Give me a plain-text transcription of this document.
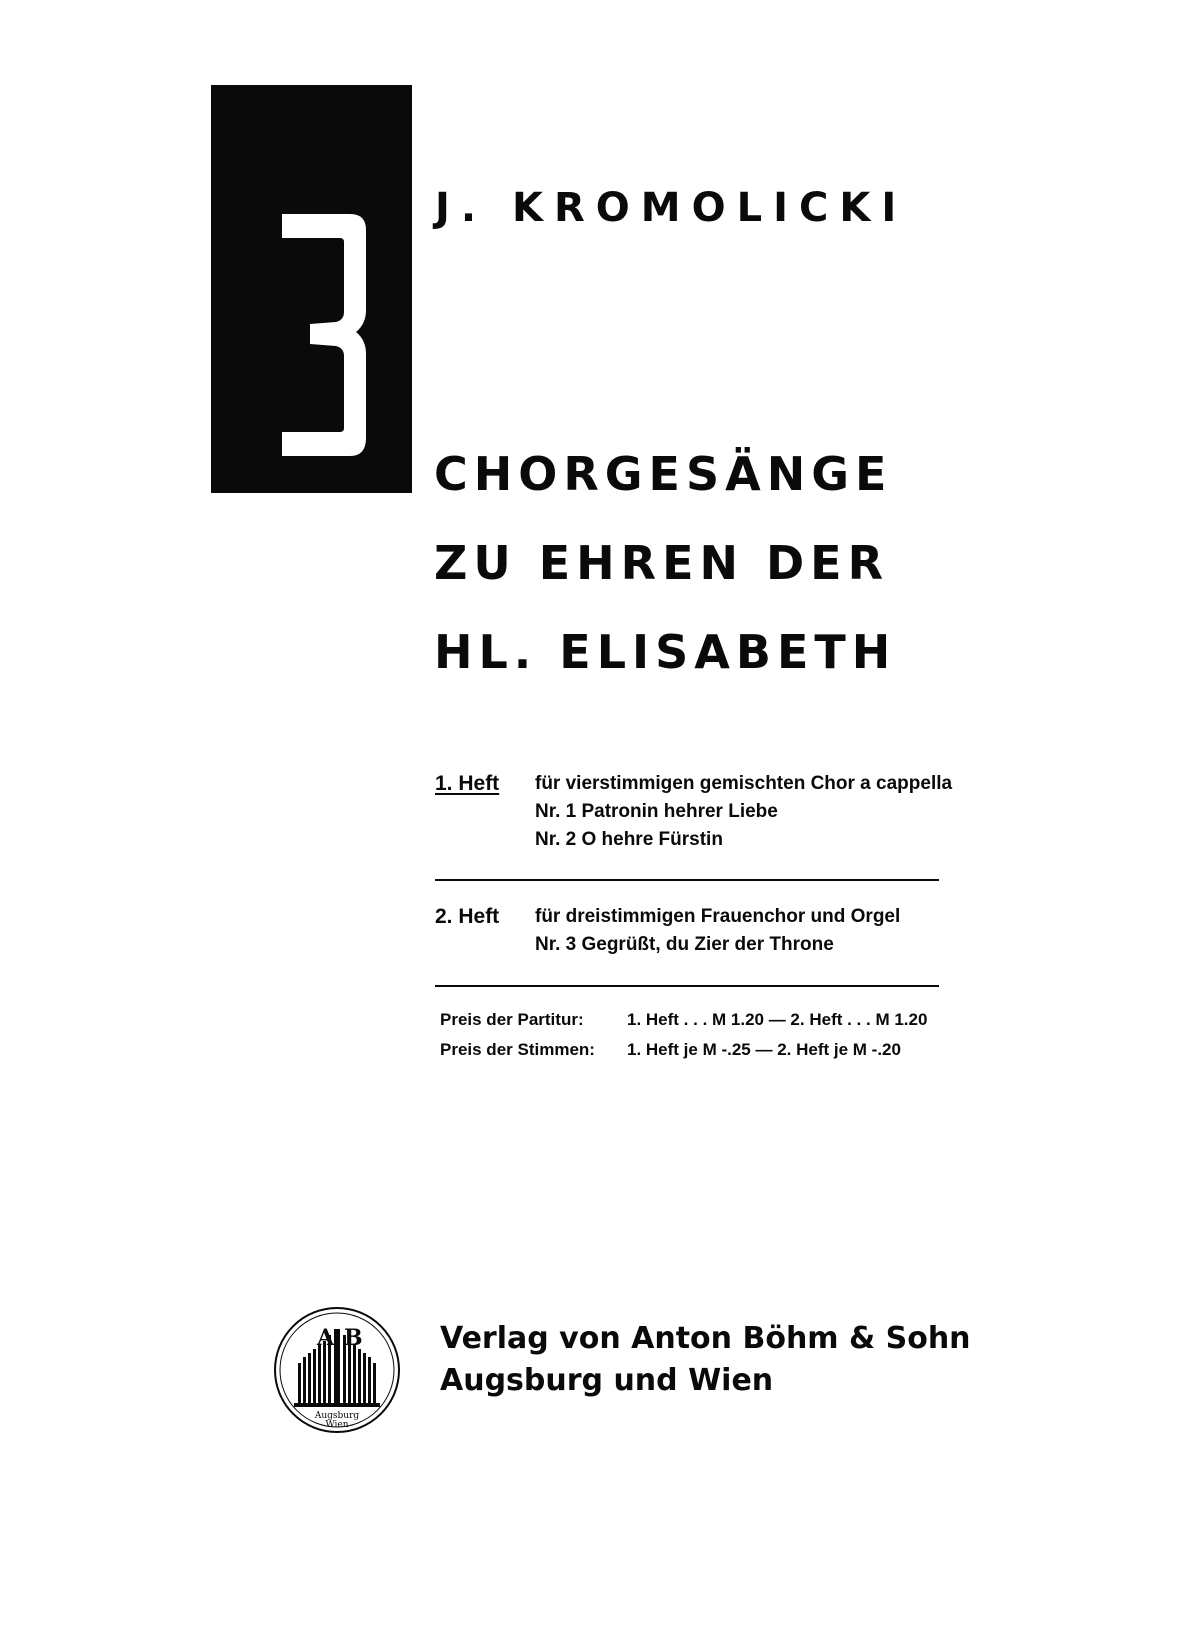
J. KROMOLICKI
CHORGESÄNGE
ZU EHREN DER
HL. ELISABETH
1. Heft für vierstimmigen gemischten Chor a cappella
Nr. 1 Patronin hehrer Liebe
Nr. 2 O hehre Fürstin
2. Heft für dreistimmigen Frauenchor und Orgel
Nr. 3 Gegrüßt, du Zier der Throne
Preis der Partitur:	1. Heft . . . M 1.20 — 2. Heft . . . M 1.20
Preis der Stimmen: 1. Heft je M -.25 — 2. Heft je M -.20
A B
Augsburg
Wien
Verlag von Anton Böhm & Sohn
Augsburg und Wien
